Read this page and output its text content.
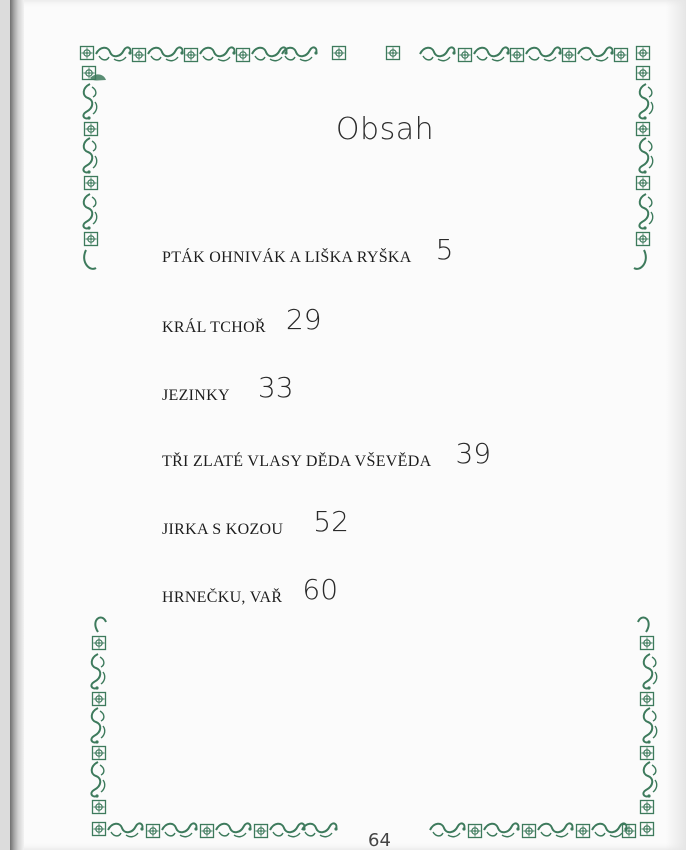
Obsah
PTÁK OHNIVÁK A LIŠKA RYŠKA 5
KRÁL TCHOŘ 29
JEZINKY 33
TŘI ZLATÉ VLASY DĚDA VŠEVĚDA 39
JIRKA S KOZOU 52
HRNEČKU, VAŘ 60
64
